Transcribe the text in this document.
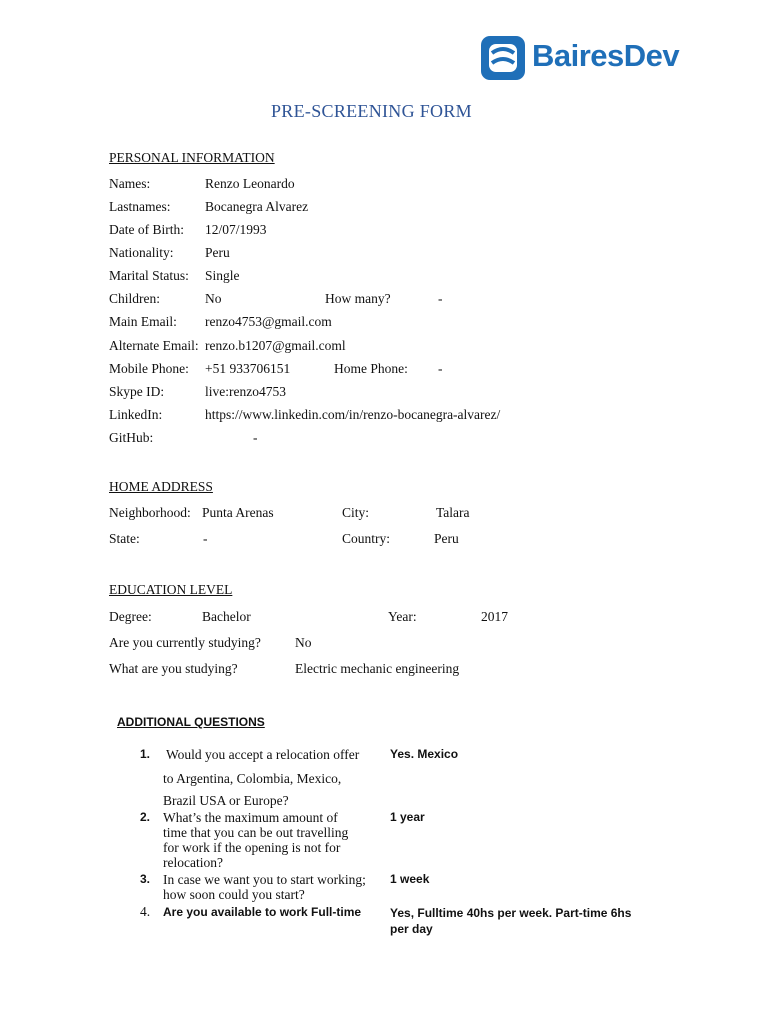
BairesDev
PRE-SCREENING FORM
PERSONAL INFORMATION
Names:	Renzo Leonardo
Lastnames:	Bocanegra Alvarez
Date of Birth: 12/07/1993
Nationality: Peru
Marital Status: Single
Children:	No	How many?	-
Main Email: renzo4753@gmail.com
Alternate Email: renzo.b1207@gmail.coml
Mobile Phone: +51 933706151	Home Phone: -
Skype ID:	live:renzo4753
LinkedIn:	https://www.linkedin.com/in/renzo-bocanegra-alvarez/
GitHub:	-
HOME ADDRESS
Neighborhood: Punta Arenas	City:	Talara
State:	-	Country:	Peru
EDUCATION LEVEL
Degree:	Bachelor	Year:	2017
Are you currently studying?	No
What are you studying?	Electric mechanic engineering
ADDITIONAL QUESTIONS
1. Would you accept a relocation offer
to Argentina, Colombia, Mexico,
Brazil USA or Europe?
Yes. Mexico
2. What’s the maximum amount of time that you can be out travelling for work if the opening is not for relocation?
1 year
3. In case we want you to start working; how soon could you start?
1 week
4. Are you available to work Full-time Yes, Fulltime 40hs per week. Part-time 6hs per day
